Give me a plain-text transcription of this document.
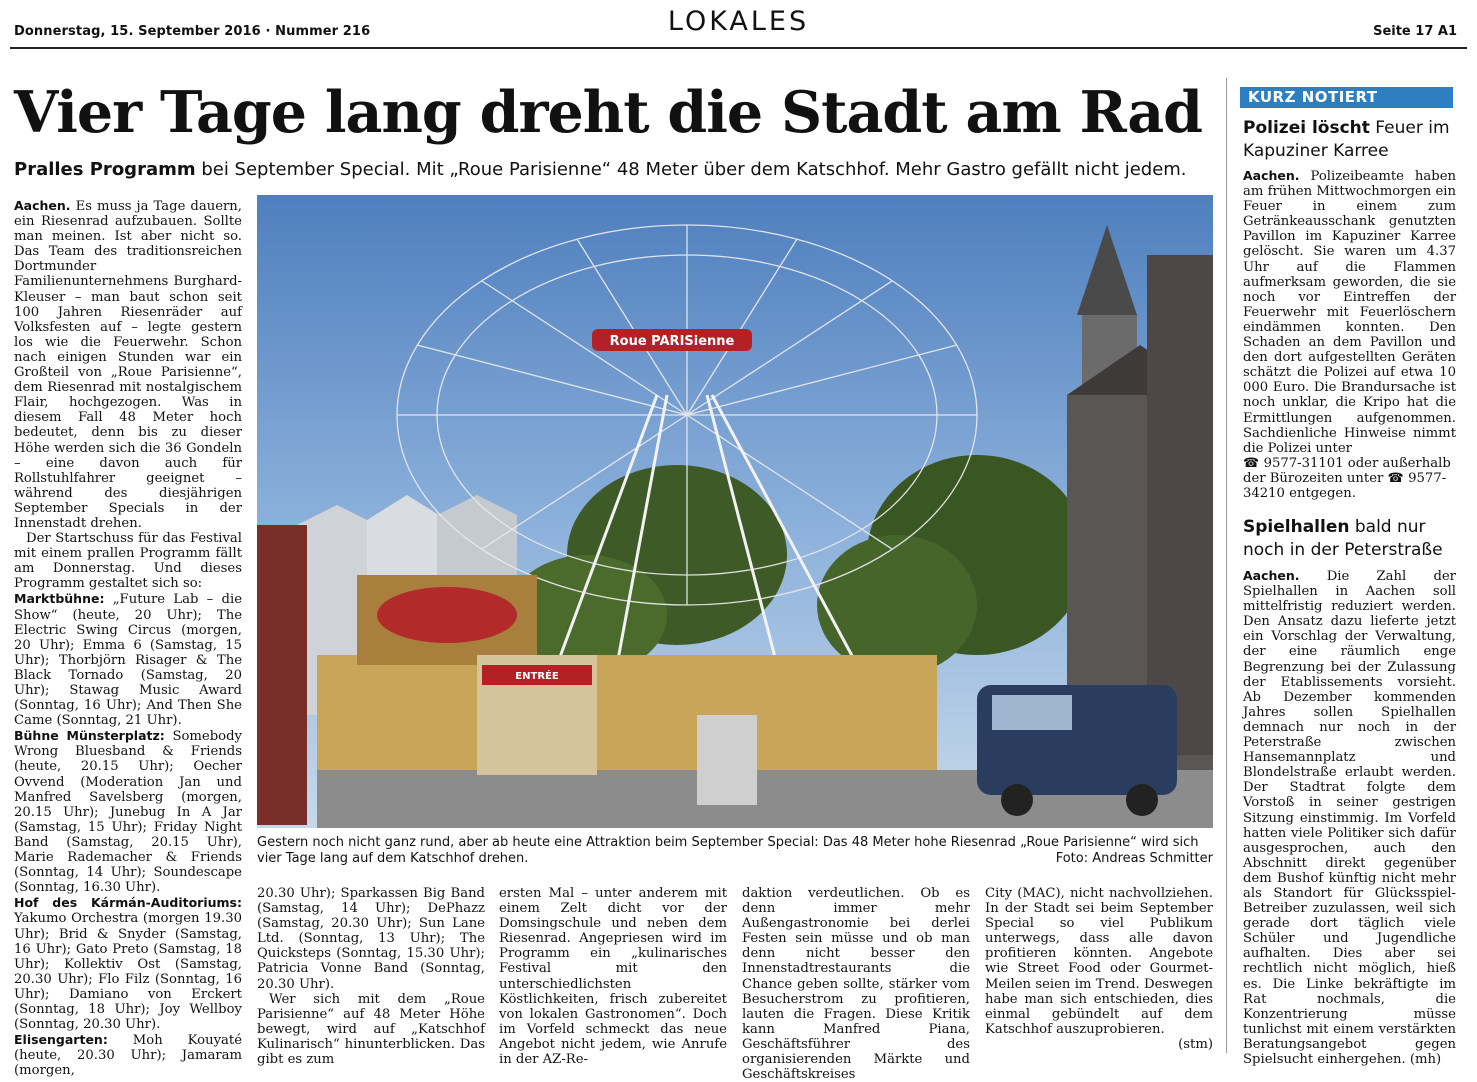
Donnerstag, 15. September 2016 · Nummer 216	LOKALES	Seite 17 A1
Vier Tage lang dreht die Stadt am Rad
Pralles Programm bei September Special. Mit „Roue Parisienne“ 48 Meter über dem Katschhof. Mehr Gastro gefällt nicht jedem.

Aachen. Es muss ja Tage dauern, ein Riesenrad aufzubauen. Sollte man meinen. Ist aber nicht so. Das Team des traditionsreichen Dortmunder Familienunternehmens Burghard-Kleuser – man baut schon seit 100 Jahren Riesenräder auf Volksfesten auf – legte gestern los wie die Feuerwehr. Schon nach einigen Stunden war ein Großteil von „Roue Parisienne“, dem Riesenrad mit nostalgischem Flair, hochgezogen. Was in diesem Fall 48 Meter hoch bedeutet, denn bis zu dieser Höhe werden sich die 36 Gondeln – eine davon auch für Rollstuhlfahrer geeignet – während des diesjährigen September Specials in der Innenstadt drehen.

Der Startschuss für das Festival mit einem prallen Programm fällt am Donnerstag. Und dieses Programm gestaltet sich so:

Marktbühne: „Future Lab – die Show“ (heute, 20 Uhr); The Electric Swing Circus (morgen, 20 Uhr); Emma 6 (Samstag, 15 Uhr); Thorbjörn Risager & The Black Tornado (Samstag, 20 Uhr); Stawag Music Award (Sonntag, 16 Uhr); And Then She Came (Sonntag, 21 Uhr).

Bühne Münsterplatz: Somebody Wrong Bluesband & Friends (heute, 20.15 Uhr); Oecher Ovvend (Moderation Jan und Manfred Savelsberg (morgen, 20.15 Uhr); Junebug In A Jar (Samstag, 15 Uhr); Friday Night Band (Samstag, 20.15 Uhr), Marie Rademacher & Friends (Sonntag, 14 Uhr); Soundescape (Sonntag, 16.30 Uhr).

Hof des Kármán-Auditoriums: Yakumo Orchestra (morgen 19.30 Uhr); Brid & Snyder (Samstag, 16 Uhr); Gato Preto (Samstag, 18 Uhr); Kollektiv Ost (Samstag, 20.30 Uhr); Flo Filz (Sonntag, 16 Uhr); Damiano von Erckert (Sonntag, 18 Uhr); Joy Wellboy (Sonntag, 20.30 Uhr).

Elisengarten: Moh Kouyaté (heute, 20.30 Uhr); Jamaram (morgen,

Roue PARISienne
ENTRÉE
Gestern noch nicht ganz rund, aber ab heute eine Attraktion beim September Special: Das 48 Meter hohe Riesenrad „Roue Parisienne“ wird sich vier Tage lang auf dem Katschhof drehen.	Foto: Andreas Schmitter

20.30 Uhr); Sparkassen Big Band (Samstag, 14 Uhr); DePhazz (Samstag, 20.30 Uhr); Sun Lane Ltd. (Sonntag, 13 Uhr); The Quicksteps (Sonntag, 15.30 Uhr); Patricia Vonne Band (Sonntag, 20.30 Uhr).

Wer sich mit dem „Roue Parisienne“ auf 48 Meter Höhe bewegt, wird auf „Katschhof Kulinarisch“ hinunterblicken. Das gibt es zum

ersten Mal – unter anderem mit einem Zelt dicht vor der Domsingschule und neben dem Riesenrad. Angepriesen wird im Programm ein „kulinarisches Festival mit den unterschiedlichsten Köstlichkeiten, frisch zubereitet von lokalen Gastronomen“. Doch im Vorfeld schmeckt das neue Angebot nicht jedem, wie Anrufe in der AZ-Re-

daktion verdeutlichen. Ob es denn immer mehr Außengastronomie bei derlei Festen sein müsse und ob man denn nicht besser den Innenstadtrestaurants die Chance geben sollte, stärker vom Besucherstrom zu profitieren, lauten die Fragen. Diese Kritik kann Manfred Piana, Geschäftsführer des organisierenden Märkte und Geschäftskreises

City (MAC), nicht nachvollziehen. In der Stadt sei beim September Special so viel Publikum unterwegs, dass alle davon profitieren könnten. Angebote wie Street Food oder Gourmet-Meilen seien im Trend. Deswegen habe man sich entschieden, dies einmal gebündelt auf dem Katschhof auszuprobieren.

(stm)

KURZ NOTIERT
Polizei löscht Feuer im Kapuziner Karree

Aachen. Polizeibeamte haben am frühen Mittwochmorgen ein Feuer in einem zum Getränkeausschank genutzten Pavillon im Kapuziner Karree gelöscht. Sie waren um 4.37 Uhr auf die Flammen aufmerksam geworden, die sie noch vor Eintreffen der Feuerwehr mit Feuerlöschern eindämmen konnten. Den Schaden an dem Pavillon und den dort aufgestellten Geräten schätzt die Polizei auf etwa 10 000 Euro. Die Brandursache ist noch unklar, die Kripo hat die Ermittlungen aufgenommen. Sachdienliche Hinweise nimmt die Polizei unter

☎ 9577-31101 oder außerhalb der Bürozeiten unter ☎ 9577-34210 entgegen.

Spielhallen bald nur noch in der Peterstraße

Aachen. Die Zahl der Spielhallen in Aachen soll mittelfristig reduziert werden. Den Ansatz dazu lieferte jetzt ein Vorschlag der Verwaltung, der eine räumlich enge Begrenzung bei der Zulassung der Etablissements vorsieht. Ab Dezember kommenden Jahres sollen Spielhallen demnach nur noch in der Peterstraße zwischen Hansemannplatz und Blondelstraße erlaubt werden. Der Stadtrat folgte dem Vorstoß in seiner gestrigen Sitzung einstimmig. Im Vorfeld hatten viele Politiker sich dafür ausgesprochen, auch den Abschnitt direkt gegenüber dem Bushof künftig nicht mehr als Standort für Glücksspiel-Betreiber zuzulassen, weil sich gerade dort täglich viele Schüler und Jugendliche aufhalten. Dies aber sei rechtlich nicht möglich, hieß es. Die Linke bekräftigte im Rat nochmals, die Konzentrierung müsse tunlichst mit einem verstärkten Beratungsangebot gegen Spielsucht einhergehen. (mh)
